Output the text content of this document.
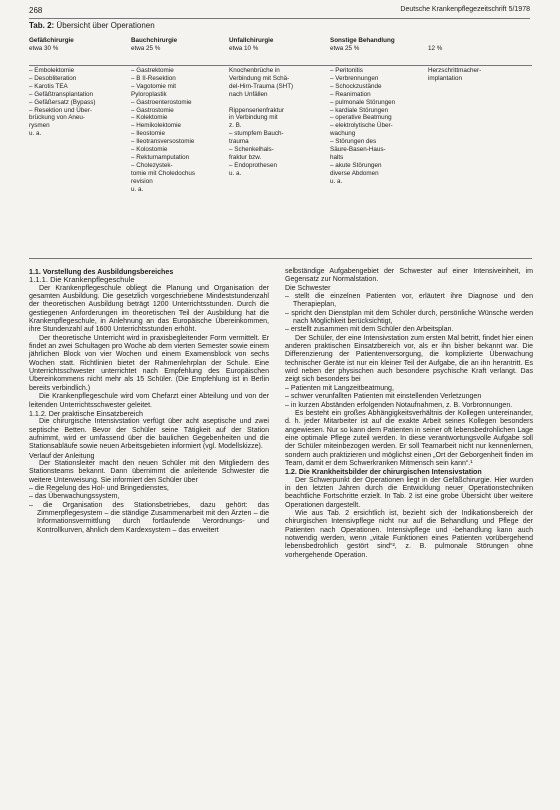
268	Deutsche Krankenpflegezeitschrift 5/1978
Tab. 2: Übersicht über Operationen
Gefäßchirurgie
etwa 30 %
Bauchchirurgie
etwa 25 %
Unfallchirurgie
etwa 10 %
Sonstige Behandlung
etwa 25 %	12 %
– Embolektomie
– Desobliteration
– Karotis TEA
– Gefäßtransplantation
– Gefäßersatz (Bypass)
– Resektion und Über-
brückung von Aneu-
rysmen
u. a.
– Gastrektomie
– B II-Resektion
– Vagotomie mit
Pyloroplastik
– Gastroenterostomie
– Gastrostomie
– Kolektomie
– Hemikolektomie
– Ileostomie
– Ileotransversostomie
– Kolostomie
– Rektumamputation
– Cholezystek-
tomie mit Choledochus
revision
u. a.
Knochenbrüche in
Verbindung mit Schä-
del-Hirn-Trauma (SHT)
nach Unfällen

Rippenserienfraktur
in Verbindung mit
z. B.
– stumpfem Bauch-
trauma
– Schenkelhals-
fraktur bzw.
– Endoprothesen
u. a.
– Peritonitis
– Verbrennungen
– Schockzustände
– Reanimation
– pulmonale Störungen
– kardiale Störungen
– operative Beatmung
– elektrolytische Über-
wachung
– Störungen des
Säure-Basen-Haus-
halts
– akute Störungen
diverse Abdomen
u. a.
Herzschrittmacher-
implantation

1.1. Vorstellung des Ausbildungsbereiches

1.1.1. Die Krankenpflegeschule

Der Krankenpflegeschule obliegt die Planung und Organisation der gesamten Ausbildung. Die gesetzlich vorgeschriebene Mindeststundenzahl der theoretischen Ausbildung beträgt 1200 Unterrichtsstunden. Durch die gestiegenen Anforderungen im theoretischen Teil der Ausbildung hat die Krankenpflegeschule, in Anlehnung an das Europäische Übereinkommen, ihre Stundenzahl auf 1600 Unterrichtsstunden erhöht.

Der theoretische Unterricht wird in praxisbegleitender Form vermittelt. Er findet an zwei Schultagen pro Woche ab dem vierten Semester sowie einem jährlichen Block von vier Wochen und einem Examensblock von sechs Wochen statt. Richtlinien bietet der Rahmenlehrplan der Schule. Eine Unterrichtsschwester unterrichtet nach Empfehlung des Europäischen Übereinkommens nicht mehr als 15 Schüler. (Die Empfehlung ist in Berlin bereits verbindlich.)

Die Krankenpflegeschule wird vom Chefarzt einer Abteilung und von der leitenden Unterrichtsschwester geleitet.

1.1.2. Der praktische Einsatzbereich

Die chirurgische Intensivstation verfügt über acht aseptische und zwei septische Betten. Bevor der Schüler seine Tätigkeit auf der Station aufnimmt, wird er umfassend über die baulichen Gegebenheiten und die Stationsabläufe sowie neuen Arbeitsgebieten informiert (vgl. Modellskizze).

Verlauf der Anleitung

Der Stationsleiter macht den neuen Schüler mit den Mitgliedern des Stationsteams bekannt. Dann übernimmt die anleitende Schwester die weitere Unterweisung. Sie informiert den Schüler über

– die Regelung des Hol- und Bringedienstes,

– das Überwachungssystem,

– die Organisation des Stationsbetriebes, dazu gehört: das Zimmerpflegesystem – die ständige Zusammenarbeit mit den Ärzten – die Informationsvermittlung durch fortlaufende Verordnungs- und Kontrollkurven, ähnlich dem Kardexsystem – das erweitert

selbständige Aufgabengebiet der Schwester auf einer Intensiveinheit, im Gegensatz zur Normalstation.

Die Schwester

– stellt die einzelnen Patienten vor, erläutert ihre Diagnose und den Therapieplan,

– spricht den Dienstplan mit dem Schüler durch, persönliche Wünsche werden nach Möglichkeit berücksichtigt,

– erstellt zusammen mit dem Schüler den Arbeitsplan.

Der Schüler, der eine Intensivstation zum ersten Mal betritt, findet hier einen anderen praktischen Einsatzbereich vor, als er ihn bisher bekannt war. Die Differenzierung der Patientenversorgung, die komplizierte Überwachung technischer Geräte ist nur ein kleiner Teil der Aufgabe, die an ihn herantritt. Es wird neben der physischen auch besondere psychische Kraft verlangt. Das zeigt sich besonders bei

– Patienten mit Langzeitbeatmung,

– schwer verunfallten Patienten mit einstellenden Verletzungen

– in kurzen Abständen erfolgenden Notaufnahmen, z. B. Vorbronnungen.

Es besteht ein großes Abhängigkeitsverhältnis der Kollegen untereinander, d. h. jeder Mitarbeiter ist auf die exakte Arbeit seines Kollegen besonders angewiesen. Nur so kann dem Patienten in seiner oft lebensbedrohlichen Lage eine optimale Pflege zuteil werden. In diese verantwortungsvolle Aufgabe soll der Schüler miteinbezogen werden. Er soll Teamarbeit nicht nur kennenlernen, sondern auch praktizieren und möglichst einen „Ort der Geborgenheit finden im Team, damit er dem Schwerkranken Mitmensch sein kann“.¹

1.2. Die Krankheitsbilder der chirurgischen Intensivstation

Der Schwerpunkt der Operationen liegt in der Gefäßchirurgie. Hier wurden in den letzten Jahren durch die Entwicklung neuer Operationstechniken beachtliche Fortschritte erzielt. In Tab. 2 ist eine grobe Übersicht über weitere Operationen dargestellt.

Wie aus Tab. 2 ersichtlich ist, bezieht sich der Indikationsbereich der chirurgischen Intensivpflege nicht nur auf die Behandlung und Pflege der Patienten nach Operationen. Intensivpflege und -behandlung kann auch notwendig werden, wenn „vitale Funktionen eines Patienten vorübergehend lebensbedrohlich gestört sind“², z. B. pulmonale Störungen ohne vorhergehende Operation.
